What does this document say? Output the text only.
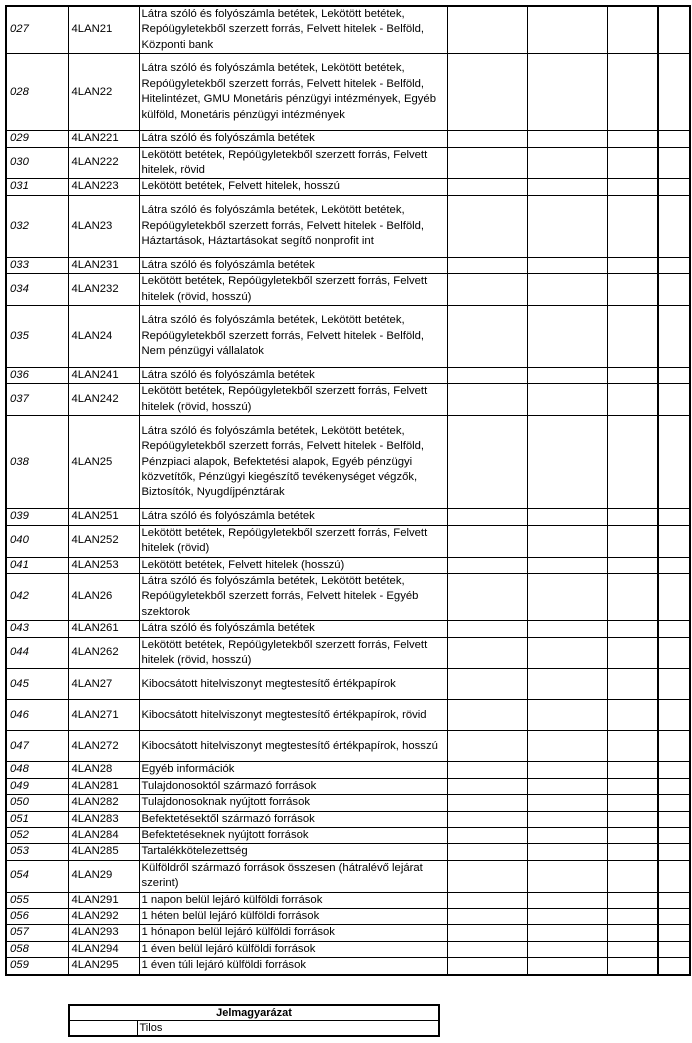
027	4LAN21	Látra szóló és folyószámla betétek, Lekötött betétek, Repóügyletekből szerzett forrás, Felvett hitelek - Belföld, Központi bank				
028	4LAN22	Látra szóló és folyószámla betétek, Lekötött betétek, Repóügyletekből szerzett forrás, Felvett hitelek - Belföld, Hitelintézet, GMU Monetáris pénzügyi intézmények, Egyéb külföld, Monetáris pénzügyi intézmények				
029	4LAN221	Látra szóló és folyószámla betétek				
030	4LAN222	Lekötött betétek, Repóügyletekből szerzett forrás, Felvett hitelek, rövid				
031	4LAN223	Lekötött betétek, Felvett hitelek, hosszú				
032	4LAN23	Látra szóló és folyószámla betétek, Lekötött betétek, Repóügyletekből szerzett forrás, Felvett hitelek - Belföld, Háztartások, Háztartásokat segítő nonprofit int				
033	4LAN231	Látra szóló és folyószámla betétek				
034	4LAN232	Lekötött betétek, Repóügyletekből szerzett forrás, Felvett hitelek (rövid, hosszú)				
035	4LAN24	Látra szóló és folyószámla betétek, Lekötött betétek, Repóügyletekből szerzett forrás, Felvett hitelek - Belföld, Nem pénzügyi vállalatok				
036	4LAN241	Látra szóló és folyószámla betétek				
037	4LAN242	Lekötött betétek, Repóügyletekből szerzett forrás, Felvett hitelek (rövid, hosszú)				
038	4LAN25	Látra szóló és folyószámla betétek, Lekötött betétek, Repóügyletekből szerzett forrás, Felvett hitelek - Belföld, Pénzpiaci alapok, Befektetési alapok, Egyéb pénzügyi közvetítők, Pénzügyi kiegészítő tevékenységet végzők, Biztosítók, Nyugdíjpénztárak				
039	4LAN251	Látra szóló és folyószámla betétek				
040	4LAN252	Lekötött betétek, Repóügyletekből szerzett forrás, Felvett hitelek (rövid)				
041	4LAN253	Lekötött betétek, Felvett hitelek (hosszú)				
042	4LAN26	Látra szóló és folyószámla betétek, Lekötött betétek, Repóügyletekből szerzett forrás, Felvett hitelek - Egyéb szektorok				
043	4LAN261	Látra szóló és folyószámla betétek				
044	4LAN262	Lekötött betétek, Repóügyletekből szerzett forrás, Felvett hitelek (rövid, hosszú)				
045	4LAN27	Kibocsátott hitelviszonyt megtestesítő értékpapírok				
046	4LAN271	Kibocsátott hitelviszonyt megtestesítő értékpapírok, rövid				
047	4LAN272	Kibocsátott hitelviszonyt megtestesítő értékpapírok, hosszú				
048	4LAN28	Egyéb információk				
049	4LAN281	Tulajdonosoktól származó források				
050	4LAN282	Tulajdonosoknak nyújtott források				
051	4LAN283	Befektetésektől származó források				
052	4LAN284	Befektetéseknek nyújtott források				
053	4LAN285	Tartalékkötelezettség				
054	4LAN29	Külföldről származó források összesen (hátralévő lejárat szerint)				
055	4LAN291	1 napon belül lejáró külföldi források				
056	4LAN292	1 héten belül lejáró külföldi források				
057	4LAN293	1 hónapon belül lejáró külföldi források				
058	4LAN294	1 éven belül lejáró külföldi források				
059	4LAN295	1 éven túli lejáró külföldi források				
Jelmagyarázat
	Tilos
